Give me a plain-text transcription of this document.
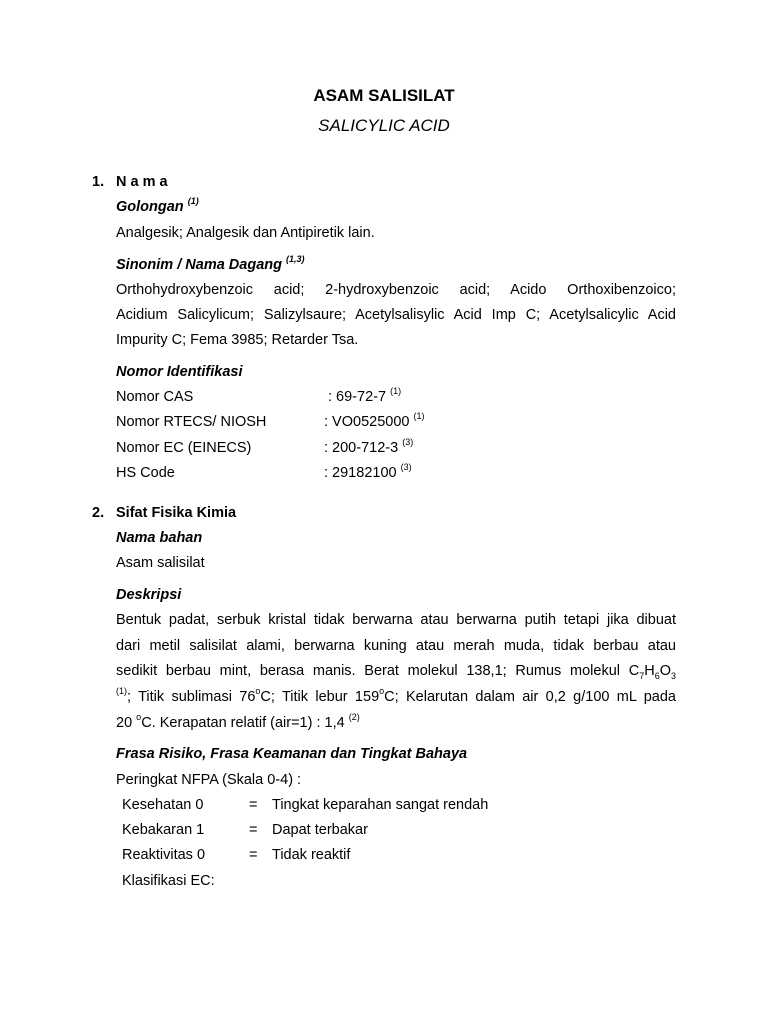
ASAM SALISILAT
SALICYLIC ACID
1. N a m a
Golongan $^{(1)}$
Analgesik; Analgesik dan Antipiretik lain.
Sinonim / Nama Dagang $^{(1,3)}$
Orthohydroxybenzoic acid; 2-hydroxybenzoic acid; Acido Orthoxibenzoico;
Acidium Salicylicum; Salizylsaure; Acetylsalisylic Acid Imp C; Acetylsalicylic Acid
Impurity C; Fema 3985; Retarder Tsa.
Nomor Identifikasi
Nomor CAS	: 69-72-7 $^{(1)}$
Nomor RTECS/ NIOSH	: VO0525000 $^{(1)}$
Nomor EC (EINECS)	: 200-712-3 $^{(3)}$
HS Code	: 29182100 $^{(3)}$
2. Sifat Fisika Kimia
Nama bahan
Asam salisilat
Deskripsi
Bentuk padat, serbuk kristal tidak berwarna atau berwarna putih tetapi jika dibuat
dari metil salisilat alami, berwarna kuning atau merah muda, tidak berbau atau
sedikit berbau mint, berasa manis. Berat molekul 138,1; Rumus molekul $C_7H_6O_3$
$^{(1)}$; Titik sublimasi 76$^o$C; Titik lebur 159$^o$C; Kelarutan dalam air 0,2 g/100 mL pada
20 $^o$C. Kerapatan relatif (air=1) : 1,4 $^{(2)}$
Frasa Risiko, Frasa Keamanan dan Tingkat Bahaya
Peringkat NFPA (Skala 0-4) :
Kesehatan 0	= Tingkat keparahan sangat rendah
Kebakaran 1	= Dapat terbakar
Reaktivitas 0	= Tidak reaktif
Klasifikasi EC:
